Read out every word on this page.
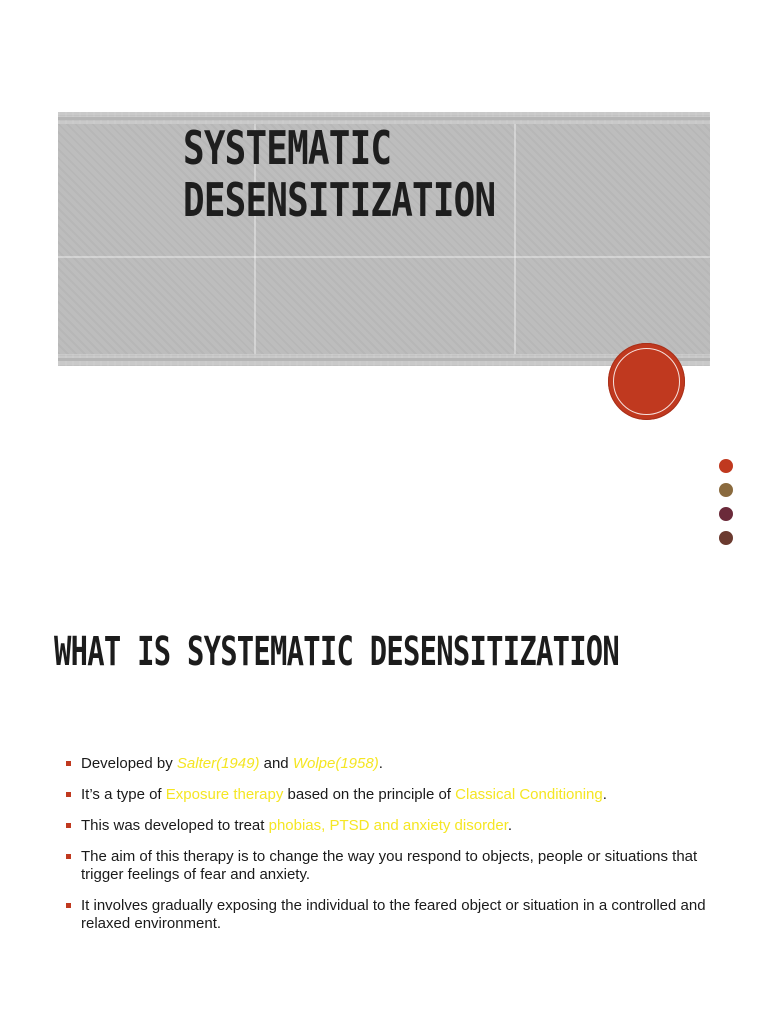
SYSTEMATIC
DESENSITIZATION
WHAT IS SYSTEMATIC DESENSITIZATION
Developed by Salter(1949) and Wolpe(1958).
It’s a type of Exposure therapy based on the principle of Classical Conditioning.
This was developed to treat phobias, PTSD and anxiety disorder.
The aim of this therapy is to change the way you respond to objects, people or situations that trigger feelings of fear and anxiety.
It involves gradually exposing the individual to the feared object or situation in a controlled and relaxed environment.
